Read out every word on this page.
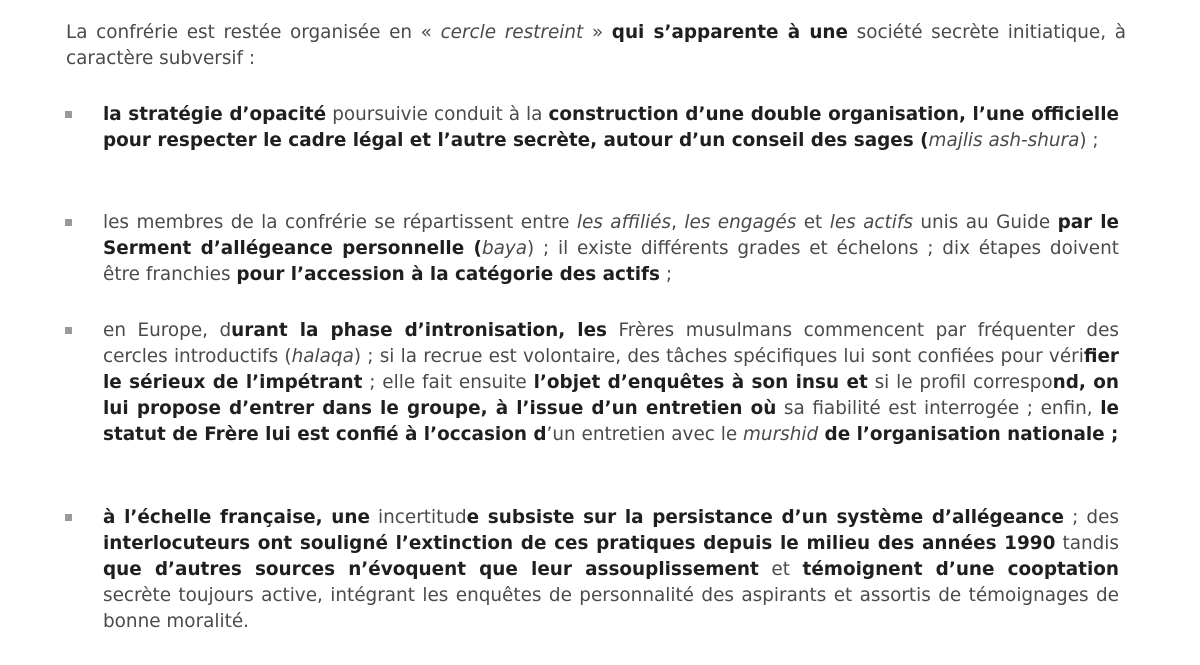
La confrérie est restée organisée en « cercle restreint » qui s’apparente à une société secrète initiatique, à caractère subversif :

la stratégie d’opacité poursuivie conduit à la construction d’une double organisation, l’une officielle pour respecter le cadre légal et l’autre secrète, autour d’un conseil des sages (majlis ash-shura) ;
les membres de la confrérie se répartissent entre les affiliés, les engagés et les actifs unis au Guide par le Serment d’allégeance personnelle (baya) ; il existe différents grades et échelons ; dix étapes doivent être franchies pour l’accession à la catégorie des actifs ;
en Europe, durant la phase d’intronisation, les Frères musulmans commencent par fréquenter des cercles introductifs (halaqa) ; si la recrue est volontaire, des tâches spécifiques lui sont confiées pour vérifier le sérieux de l’impétrant ; elle fait ensuite l’objet d’enquêtes à son insu et si le profil correspond, on lui propose d’entrer dans le groupe, à l’issue d’un entretien où sa fiabilité est interrogée ; enfin, le statut de Frère lui est confié à l’occasion d’un entretien avec le murshid de l’organisation nationale ;
à l’échelle française, une incertitude subsiste sur la persistance d’un système d’allégeance ; des interlocuteurs ont souligné l’extinction de ces pratiques depuis le milieu des années 1990 tandis que d’autres sources n’évoquent que leur assouplissement et témoignent d’une cooptation secrète toujours active, intégrant les enquêtes de personnalité des aspirants et assortis de témoignages de bonne moralité.
